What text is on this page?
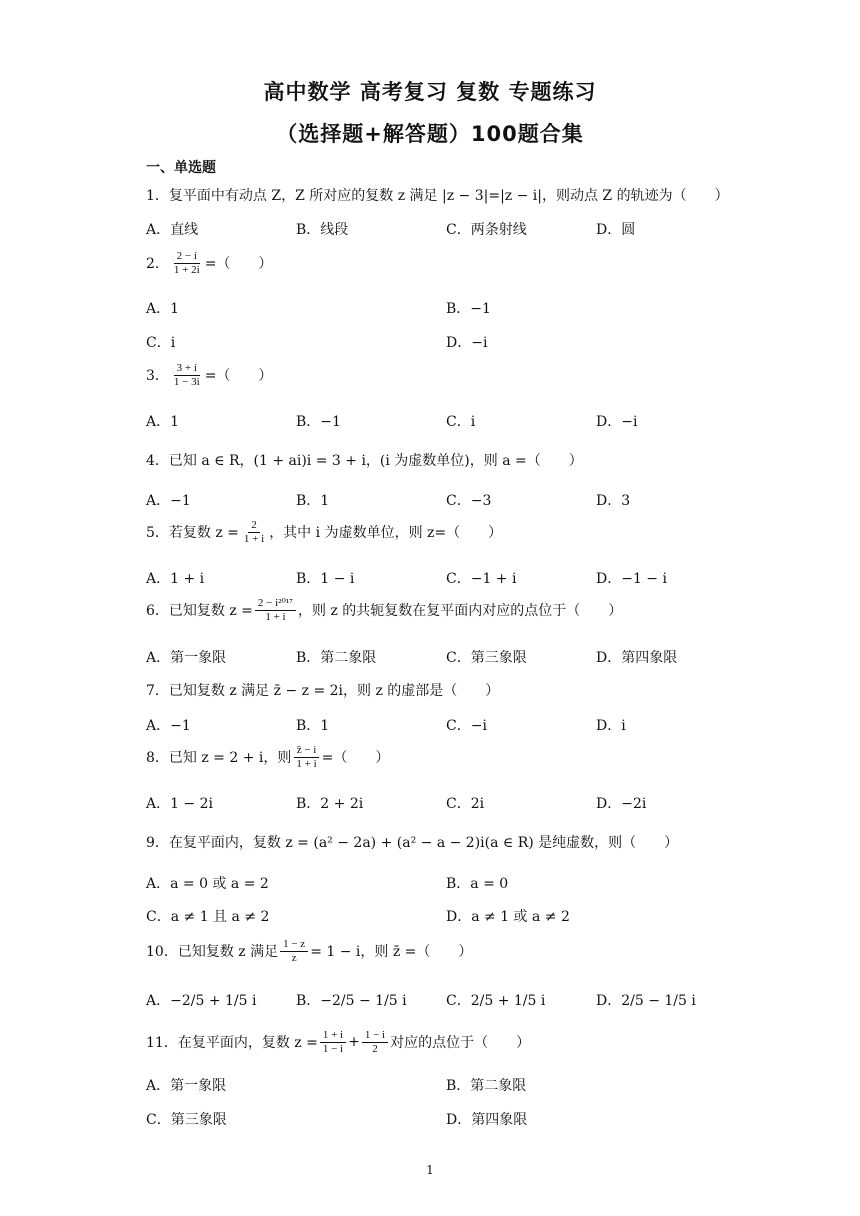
高中数学 高考复习 复数 专题练习
（选择题+解答题）100题合集
一、单选题
1．复平面中有动点 Z，Z 所对应的复数 z 满足 |z − 3|=|z − i|，则动点 Z 的轨迹为（　　）
A．直线	B．线段	C．两条射线	D．圆
2． $\frac{2 - i}{1 + 2i}$ =（　　）
A．1	B．−1
C．i	D．−i
3． $\frac{3 + i}{1 - 3i}$ =（　　）
A．1	B．−1	C．i	D．−i
4．已知 a ∈ R，(1 + ai)i = 3 + i，(i 为虚数单位)，则 a =（　　）
A．−1	B．1	C．−3	D．3
5．若复数 $z = \frac{2}{1 + i}$ ，其中 i 为虚数单位，则 z=（　　）
A．1 + i	B．1 − i	C．−1 + i	D．−1 − i
6．已知复数 $z = \frac{\text{2 − i²⁰¹⁷}}{1 + i}$ ，则 z 的共轭复数在复平面内对应的点位于（　　）
A．第一象限	B．第二象限	C．第三象限	D．第四象限
7．已知复数 z 满足 z̄ − z = 2i，则 z 的虚部是（　　）
A．−1	B．1	C．−i	D．i
8．已知 z = 2 + i，则 $\frac{z̄ - i}{1 + i}$ =（　　）
A．1 − 2i	B．2 + 2i	C．2i	D．−2i
9．在复平面内，复数 z = (a² − 2a) + (a² − a − 2)i(a ∈ R) 是纯虚数，则（　　）
A．a = 0 或 a = 2	B．a = 0
C．a ≠ 1 且 a ≠ 2	D．a ≠ 1 或 a ≠ 2
10．已知复数 z 满足 $\frac{1 - z}{z} = 1 - i$，则 z̄ =（　　）
A．−2/5 + 1/5 i	B．−2/5 − 1/5 i	C．2/5 + 1/5 i	D．2/5 − 1/5 i
11．在复平面内，复数 $z = \frac{1 + i}{1 - i} + \frac{1 - i}{2}$ 对应的点位于（　　）
A．第一象限	B．第二象限
C．第三象限	D．第四象限
1
